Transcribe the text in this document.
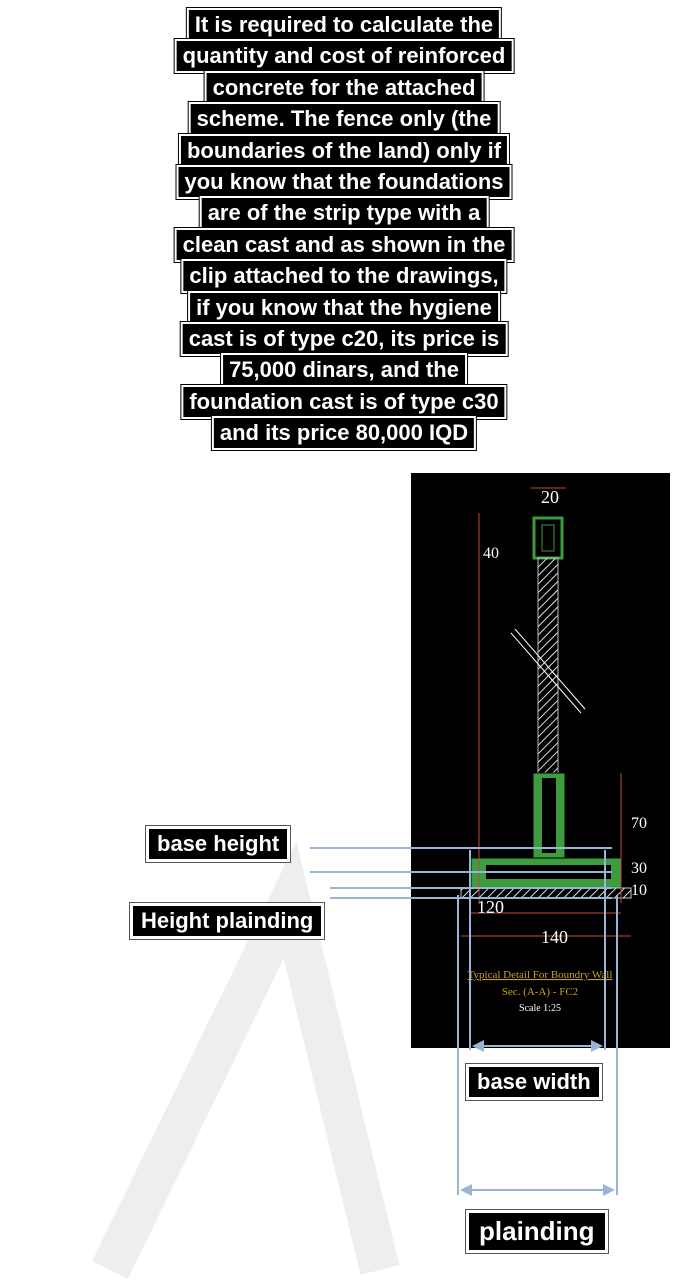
It is required to calculate the
quantity and cost of reinforced
concrete for the attached
scheme. The fence only (the
boundaries of the land) only if
you know that the foundations
are of the strip type with a
clean cast and as shown in the
clip attached to the drawings,
if you know that the hygiene
cast is of type c20, its price is
75,000 dinars, and the
foundation cast is of type c30
and its price 80,000 IQD
20
40
70
30
10
120
140
Typical Detail For Boundry Wall
Sec. (A-A) - FC2
Scale 1:25
base height
Height plainding
base width
plainding
